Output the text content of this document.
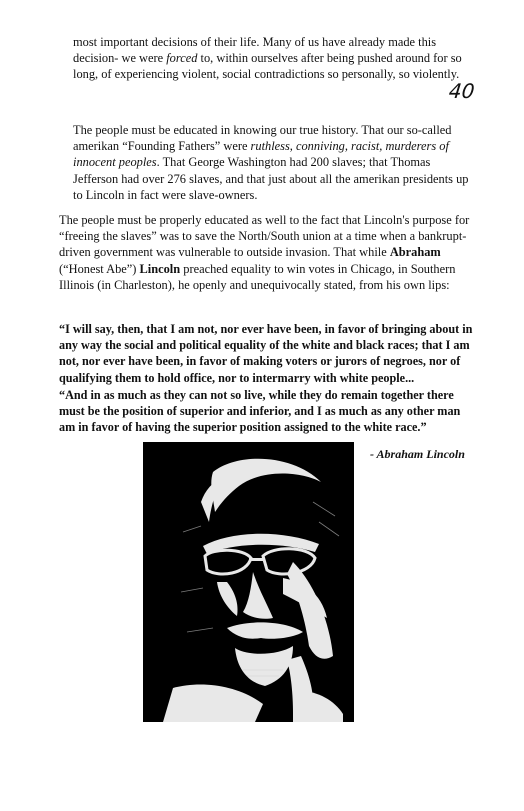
40

most important decisions of their life. Many of us have already made this decision- we were forced to, within ourselves after being pushed around for so long, of experiencing violent, social contradictions so personally, so violently.

The people must be educated in knowing our true history. That our so-called amerikan “Founding Fathers” were ruthless, conniving, racist, murderers of innocent peoples. That George Washington had 200 slaves; that Thomas Jefferson had over 276 slaves, and that just about all the amerikan presidents up to Lincoln in fact were slave-owners.

The people must be properly educated as well to the fact that Lincoln's purpose for “freeing the slaves” was to save the North/South union at a time when a bankrupt-driven government was vulnerable to outside invasion. That while Abraham (“Honest Abe”) Lincoln preached equality to win votes in Chicago, in Southern Illinois (in Charleston), he openly and unequivocally stated, from his own lips:

“I will say, then, that I am not, nor ever have been, in favor of bringing about in any way the social and political equality of the white and black races; that I am not, nor ever have been, in favor of making voters or jurors of negroes, nor of qualifying them to hold office, nor to intermarry with white people...

“And in as much as they can not so live, while they do remain together there must be the position of superior and inferior, and I as much as any other man am in favor of having the superior position assigned to the white race.”

- Abraham Lincoln
